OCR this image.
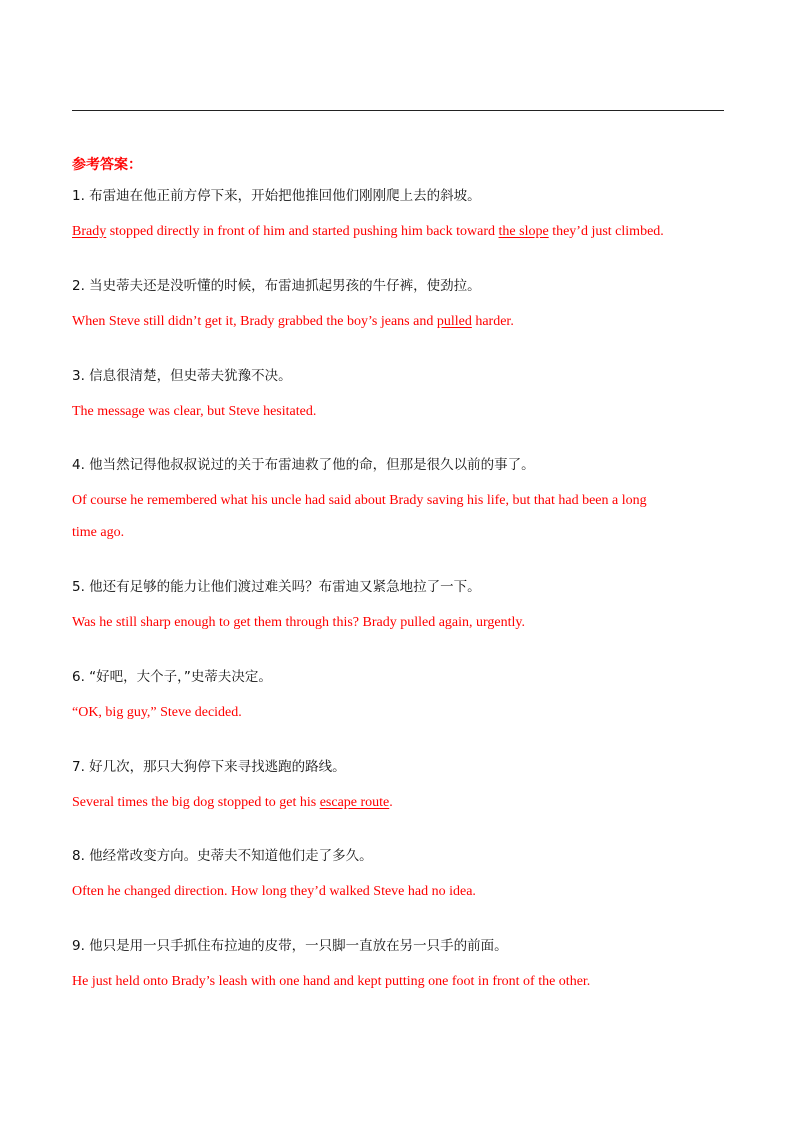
参考答案：
1. 布雷迪在他正前方停下来，开始把他推回他们刚刚爬上去的斜坡。
Brady stopped directly in front of him and started pushing him back toward the slope they’d just climbed.
2. 当史蒂夫还是没听懂的时候，布雷迪抓起男孩的牛仔裤，使劲拉。
When Steve still didn’t get it, Brady grabbed the boy’s jeans and pulled harder.
3. 信息很清楚，但史蒂夫犹豫不决。
The message was clear, but Steve hesitated.
4. 他当然记得他叔叔说过的关于布雷迪救了他的命，但那是很久以前的事了。
Of course he remembered what his uncle had said about Brady saving his life, but that had been a long
time ago.
5. 他还有足够的能力让他们渡过难关吗？布雷迪又紧急地拉了一下。
Was he still sharp enough to get them through this? Brady pulled again, urgently.
6. “好吧，大个子，”史蒂夫决定。
“OK, big guy,” Steve decided.
7. 好几次，那只大狗停下来寻找逃跑的路线。
Several times the big dog stopped to get his escape route.
8. 他经常改变方向。史蒂夫不知道他们走了多久。
Often he changed direction. How long they’d walked Steve had no idea.
9. 他只是用一只手抓住布拉迪的皮带，一只脚一直放在另一只手的前面。
He just held onto Brady’s leash with one hand and kept putting one foot in front of the other.
